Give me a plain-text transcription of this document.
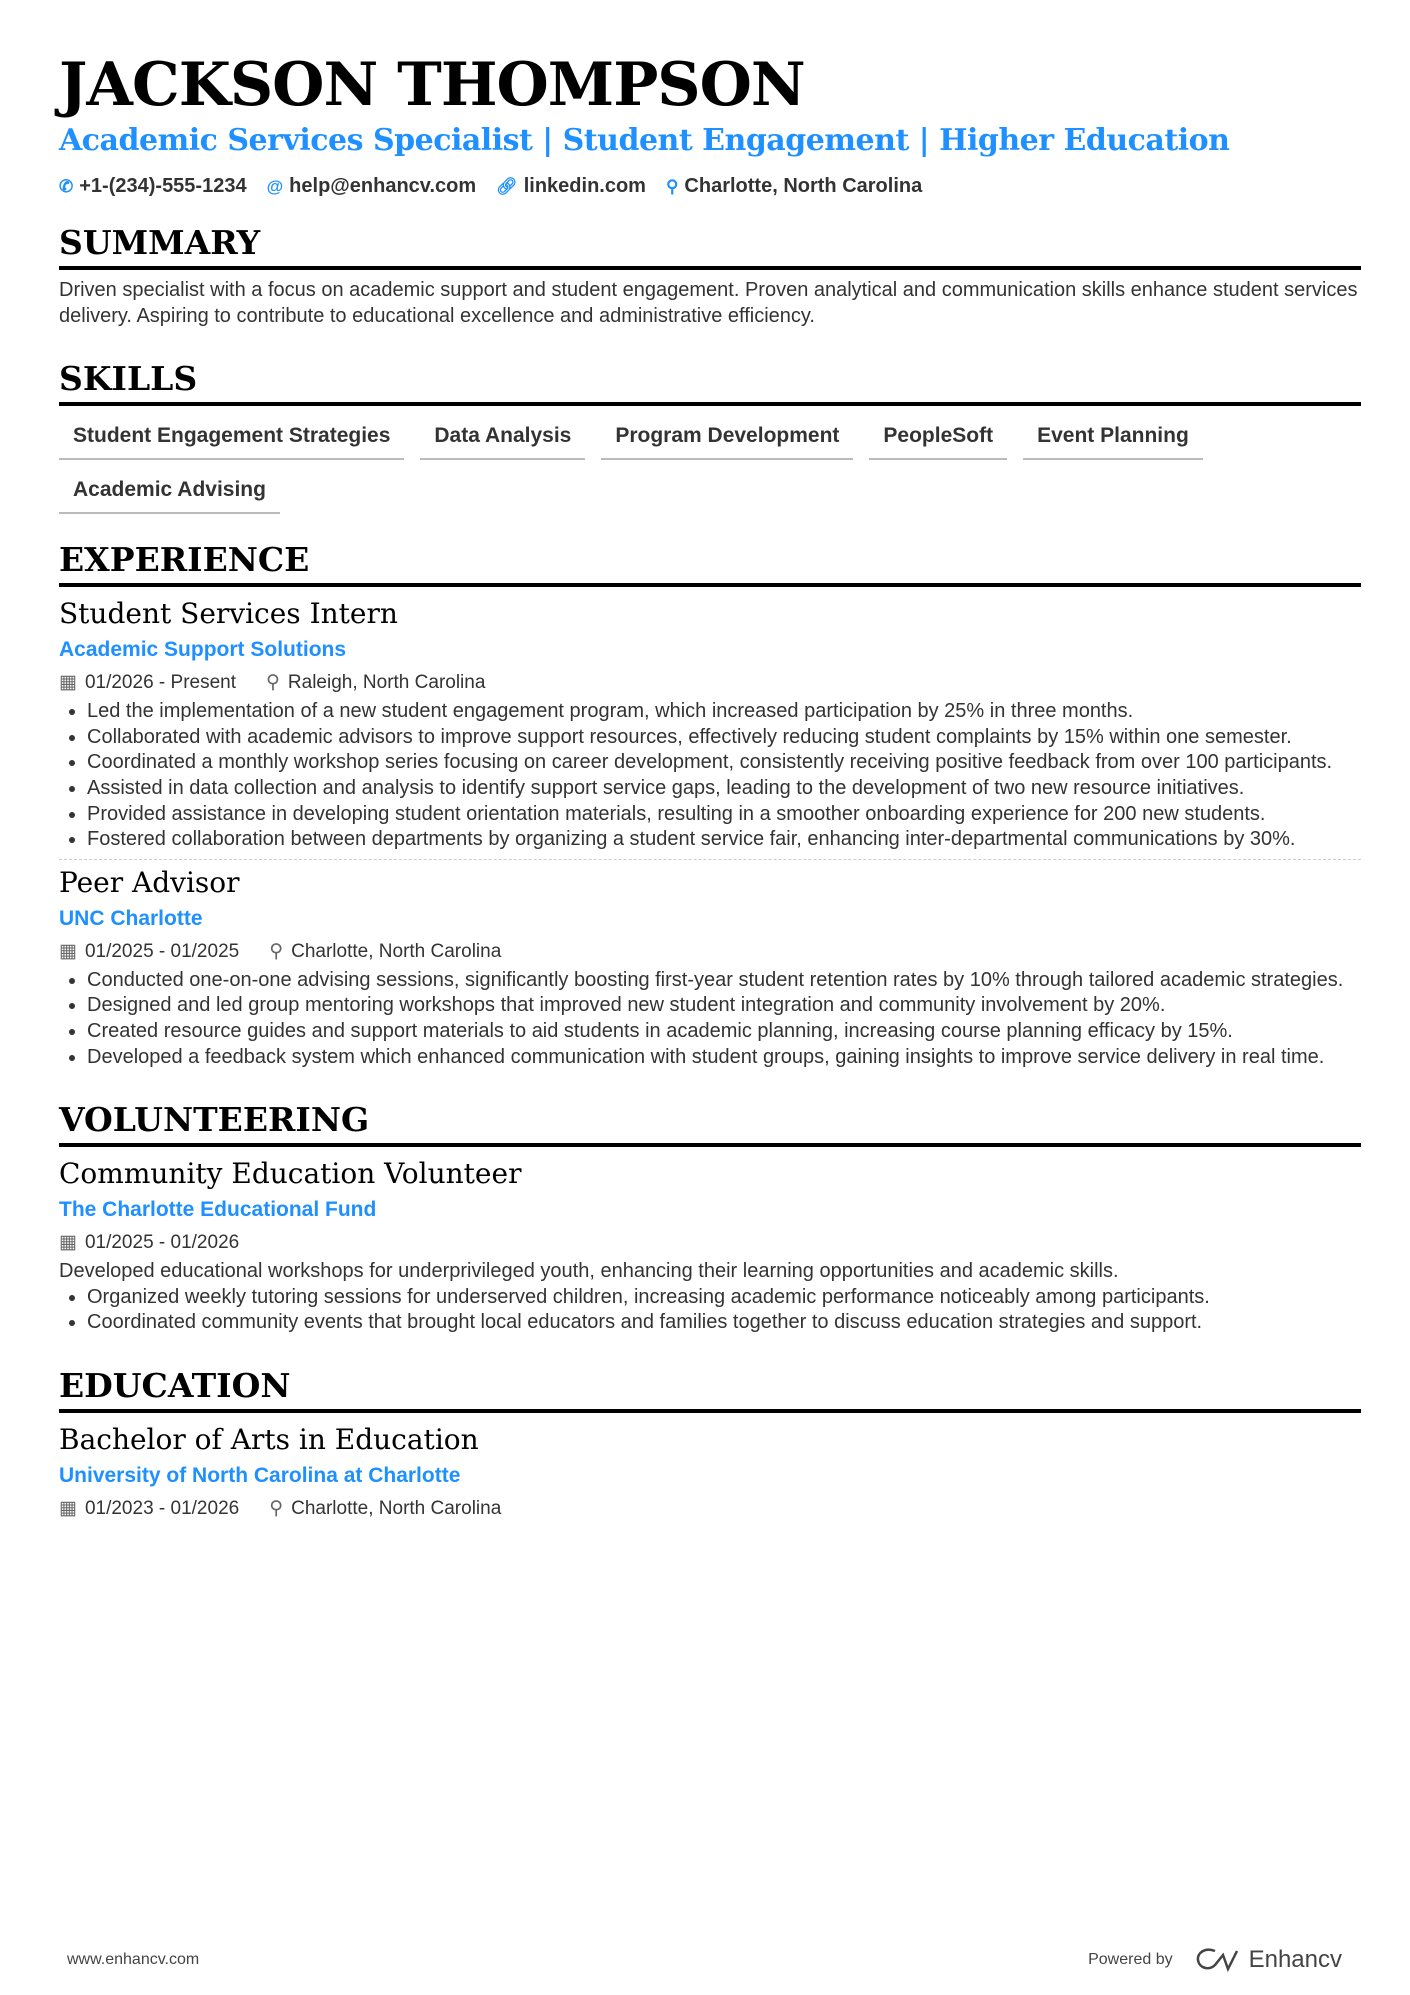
JACKSON THOMPSON
Academic Services Specialist | Student Engagement | Higher Education
✆ +1-(234)-555-1234 @ help@enhancv.com 🔗︎ linkedin.com ⚲ Charlotte, North Carolina
SUMMARY

Driven specialist with a focus on academic support and student engagement. Proven analytical and communication skills enhance student services delivery. Aspiring to contribute to educational excellence and administrative efficiency.

SKILLS
Student Engagement Strategies	Data Analysis	Program Development	PeopleSoft	Event Planning
Academic Advising
EXPERIENCE
Student Services Intern
Academic Support Solutions
▦ 01/2026 - Present ⚲ Raleigh, North Carolina
• Led the implementation of a new student engagement program, which increased participation by 25% in three months.
• Collaborated with academic advisors to improve support resources, effectively reducing student complaints by 15% within one semester.
• Coordinated a monthly workshop series focusing on career development, consistently receiving positive feedback from over 100 participants.
• Assisted in data collection and analysis to identify support service gaps, leading to the development of two new resource initiatives.
• Provided assistance in developing student orientation materials, resulting in a smoother onboarding experience for 200 new students.
• Fostered collaboration between departments by organizing a student service fair, enhancing inter-departmental communications by 30%.
Peer Advisor
UNC Charlotte
▦ 01/2025 - 01/2025 ⚲ Charlotte, North Carolina
• Conducted one-on-one advising sessions, significantly boosting first-year student retention rates by 10% through tailored academic strategies.
• Designed and led group mentoring workshops that improved new student integration and community involvement by 20%.
• Created resource guides and support materials to aid students in academic planning, increasing course planning efficacy by 15%.
• Developed a feedback system which enhanced communication with student groups, gaining insights to improve service delivery in real time.
VOLUNTEERING
Community Education Volunteer
The Charlotte Educational Fund
▦ 01/2025 - 01/2026

Developed educational workshops for underprivileged youth, enhancing their learning opportunities and academic skills.

• Organized weekly tutoring sessions for underserved children, increasing academic performance noticeably among participants.
• Coordinated community events that brought local educators and families together to discuss education strategies and support.
EDUCATION
Bachelor of Arts in Education
University of North Carolina at Charlotte
▦ 01/2023 - 01/2026 ⚲ Charlotte, North Carolina
www.enhancv.com	Powered by	Enhancv
